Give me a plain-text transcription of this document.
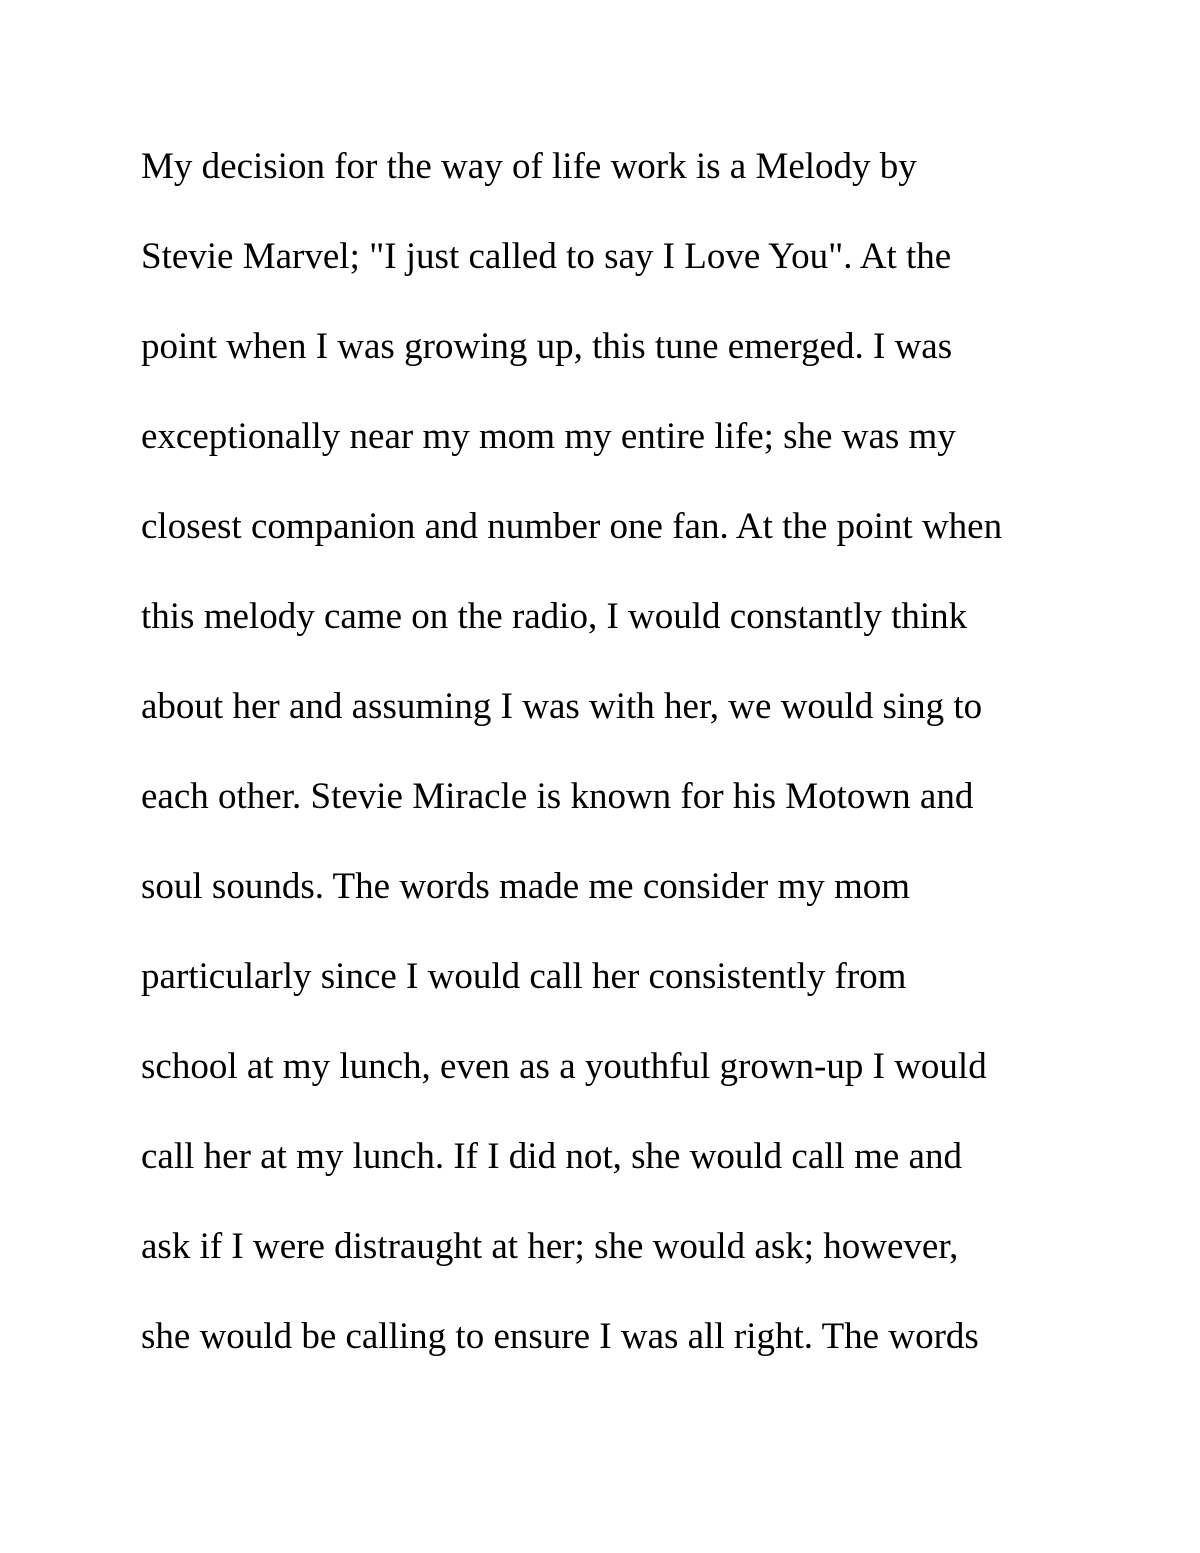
My decision for the way of life work is a Melody by
Stevie Marvel; "I just called to say I Love You". At the
point when I was growing up, this tune emerged. I was
exceptionally near my mom my entire life; she was my
closest companion and number one fan. At the point when
this melody came on the radio, I would constantly think
about her and assuming I was with her, we would sing to
each other. Stevie Miracle is known for his Motown and
soul sounds. The words made me consider my mom
particularly since I would call her consistently from
school at my lunch, even as a youthful grown-up I would
call her at my lunch. If I did not, she would call me and
ask if I were distraught at her; she would ask; however,
she would be calling to ensure I was all right. The words
